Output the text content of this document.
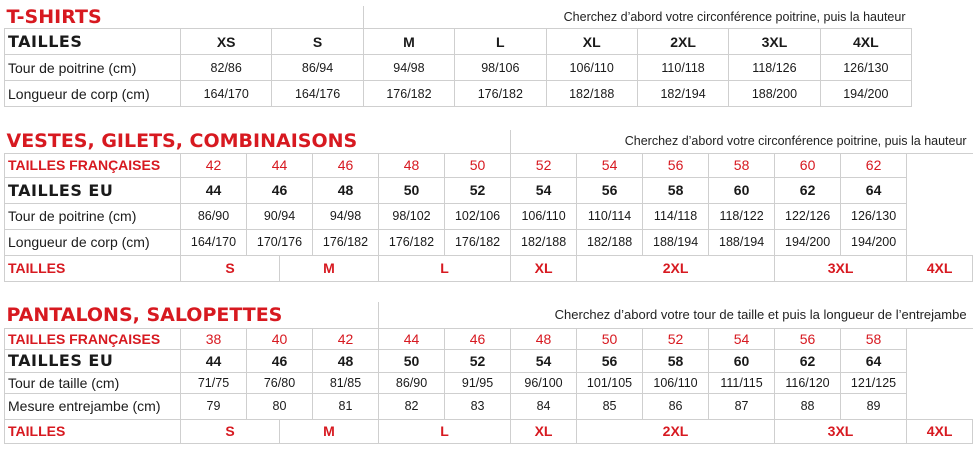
T-SHIRTS			Cherchez d’abord votre circonférence poitrine, puis la hauteur					
TAILLES	XS	S	M	L	XL	2XL	3XL	4XL
Tour de poitrine (cm)	82/86	86/94	94/98	98/106	106/110	110/118	118/126	126/130
Longueur de corp (cm)	164/170	164/176	176/182	176/182	182/188	182/194	188/200	194/200
VESTES, GILETS, COMBINAISONS							Cherchez d’abord votre circonférence poitrine, puis la hauteur						
TAILLES FRANÇAISES	42	44		46	48	50	52	54	56	58	60	62	
TAILLES EU	44	46		48	50	52	54	56	58	60	62	64	
Tour de poitrine (cm)	86/90	90/94		94/98	98/102	102/106	106/110	110/114	114/118	118/122	122/126	126/130	
Longueur de corp (cm)	164/170	170/176		176/182	176/182	176/182	182/188	182/188	188/194	188/194	194/200	194/200	
TAILLES	S		M		L		XL	2XL			3XL		4XL
PANTALONS, SALOPETTES					Cherchez d’abord votre tour de taille et puis la longueur de l’entrejambe								
TAILLES FRANÇAISES	38	40		42	44	46	48	50	52	54	56	58	
TAILLES EU	44	46		48	50	52	54	56	58	60	62	64	
Tour de taille (cm)	71/75	76/80		81/85	86/90	91/95	96/100	101/105	106/110	111/115	116/120	121/125	
Mesure entrejambe (cm)	79	80		81	82	83	84	85	86	87	88	89	
TAILLES	S		M		L		XL	2XL			3XL		4XL
